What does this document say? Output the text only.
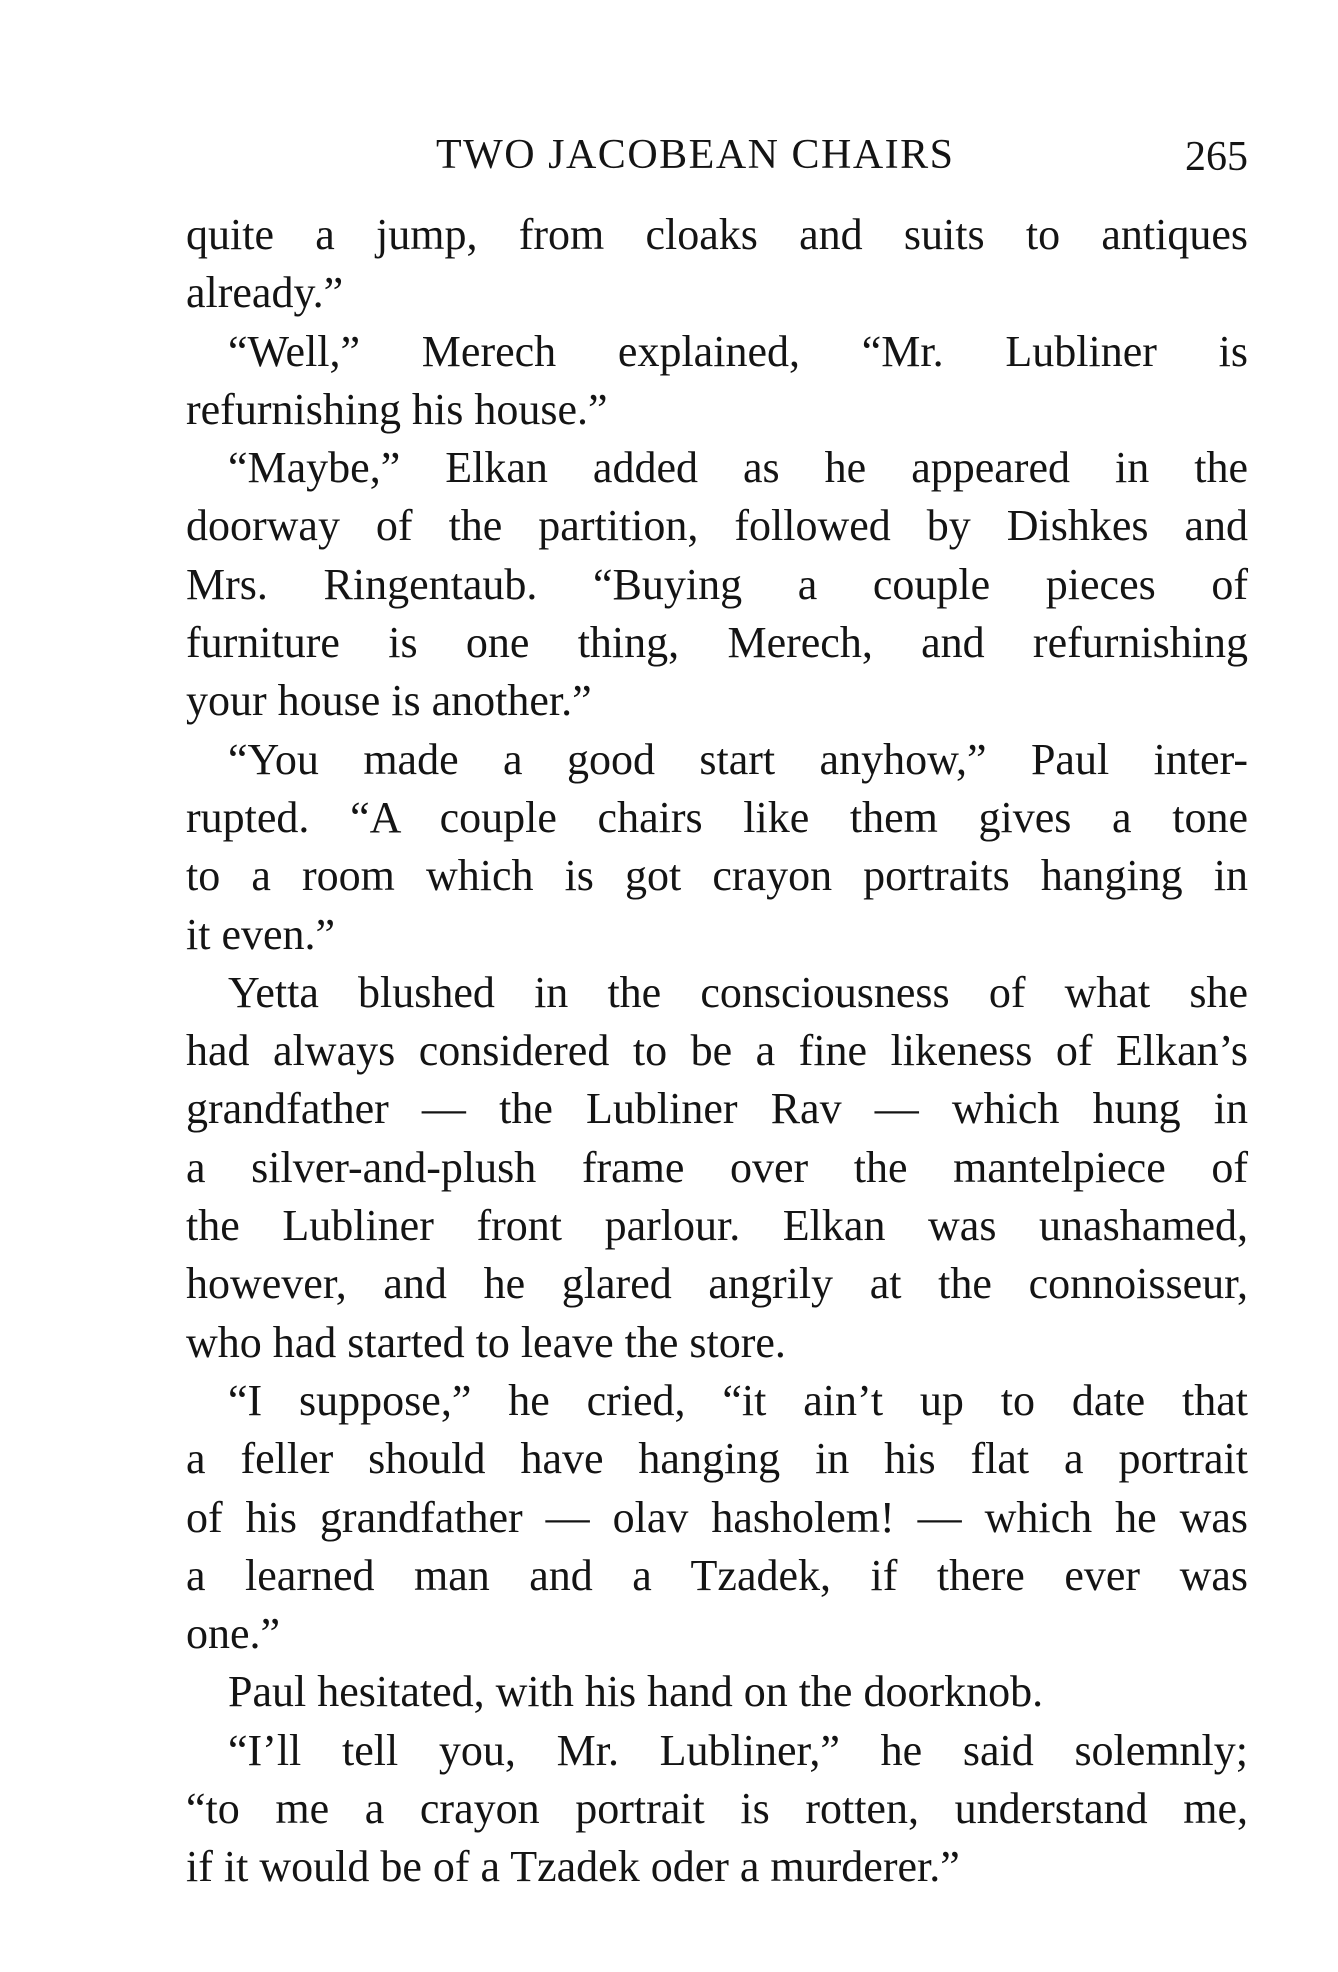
TWO JACOBEAN CHAIRS	265
quite a jump, from cloaks and suits to antiques
already.”
“Well,” Merech explained, “Mr. Lubliner is
refurnishing his house.”
“Maybe,” Elkan added as he appeared in the
doorway of the partition, followed by Dishkes and
Mrs. Ringentaub. “Buying a couple pieces of
furniture is one thing, Merech, and refurnishing
your house is another.”
“You made a good start anyhow,” Paul inter-
rupted. “A couple chairs like them gives a tone
to a room which is got crayon portraits hanging in
it even.”
Yetta blushed in the consciousness of what she
had always considered to be a fine likeness of Elkan’s
grandfather — the Lubliner Rav — which hung in
a silver-and-plush frame over the mantelpiece of
the Lubliner front parlour. Elkan was unashamed,
however, and he glared angrily at the connoisseur,
who had started to leave the store.
“I suppose,” he cried, “it ain’t up to date that
a feller should have hanging in his flat a portrait
of his grandfather — olav hasholem! — which he was
a learned man and a Tzadek, if there ever was
one.”
Paul hesitated, with his hand on the doorknob.
“I’ll tell you, Mr. Lubliner,” he said solemnly;
“to me a crayon portrait is rotten, understand me,
if it would be of a Tzadek oder a murderer.”
